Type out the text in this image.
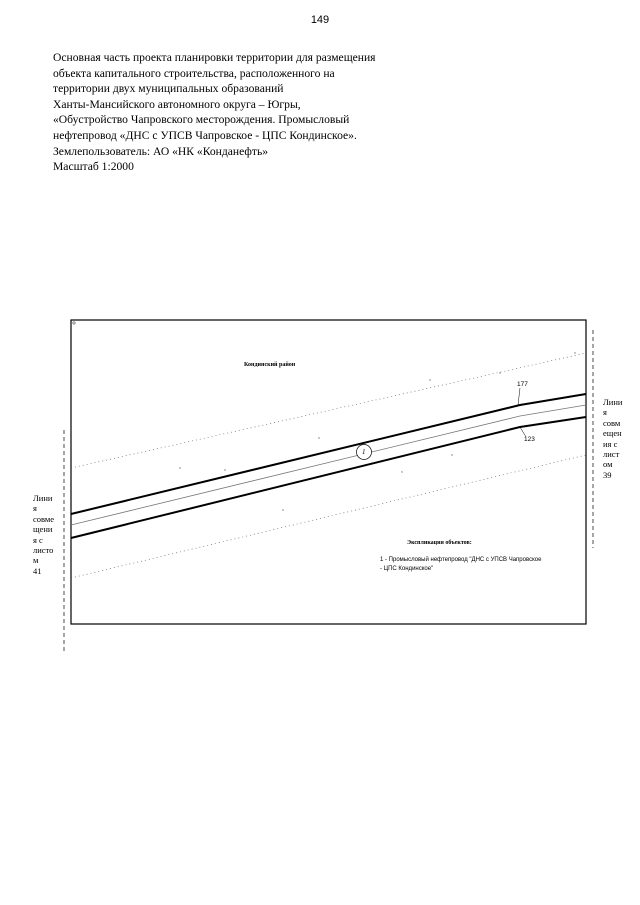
149
Основная часть проекта планировки территории для размещения
объекта капитального строительства, расположенного на
территории двух муниципальных образований
Ханты-Мансийского автономного округа – Югры,
«Обустройство Чапровского месторождения. Промысловый
нефтепровод «ДНС с УПСВ Чапровское - ЦПС Кондинское».
Землепользователь: АО «НК «Конданефть»
Масштаб 1:2000
Кондинский район
177
123
1
Лини
я
совме
щени
я с
листо
м
41
Лини
я
совм
ещен
ия с
лист
ом
39
Экспликация объектов:
1 - Промысловый нефтепровод "ДНС с УПСВ Чапровское
- ЦПС Кондинское"
